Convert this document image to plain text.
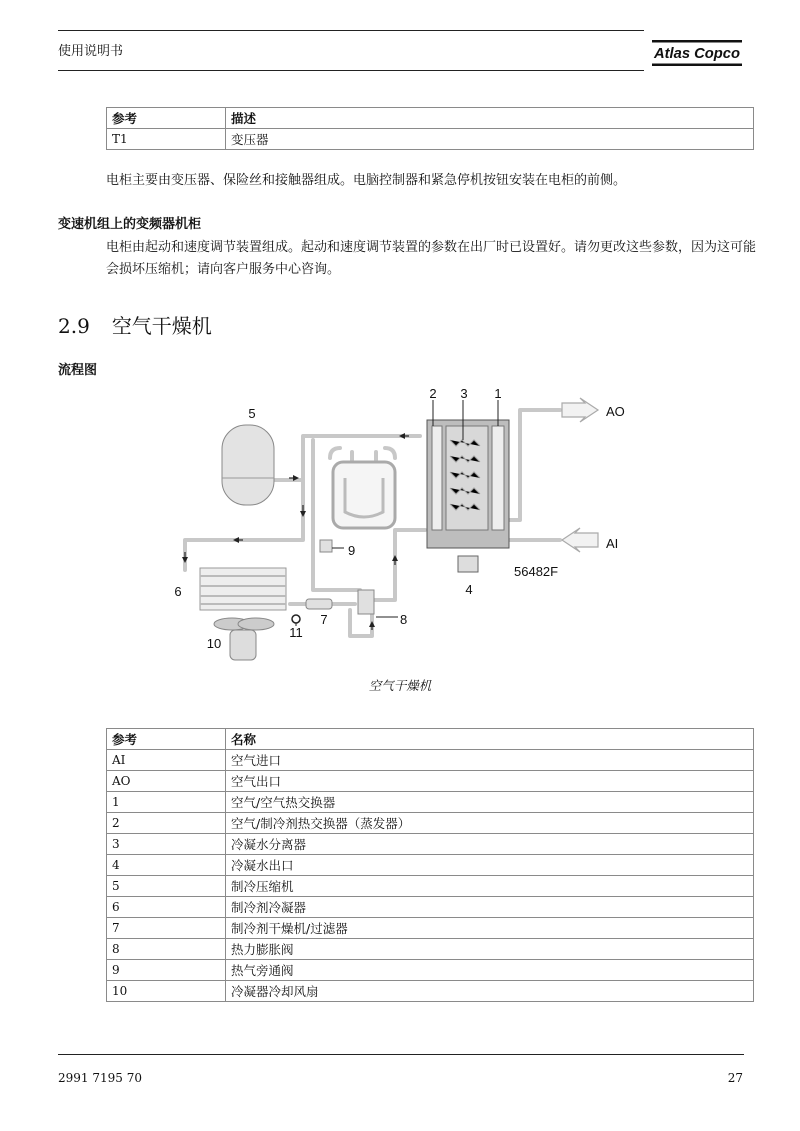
使用说明书	Atlas Copco
参考	描述
T1	变压器
电柜主要由变压器、保险丝和接触器组成。电脑控制器和紧急停机按钮安装在电柜的前侧。
变速机组上的变频器机柜
电柜由起动和速度调节装置组成。起动和速度调节装置的参数在出厂时已设置好。请勿更改这些参数，因为这可能会损坏压缩机；请向客户服务中心咨询。
2.9 空气干燥机
流程图
5
2 3 1
AO
AI
9
56482F
4
6
7	8
11
10
空气干燥机
参考	名称
AI	空气进口
AO	空气出口
1	空气/空气热交换器
2	空气/制冷剂热交换器（蒸发器）
3	冷凝水分离器
4	冷凝水出口
5	制冷压缩机
6	制冷剂冷凝器
7	制冷剂干燥机/过滤器
8	热力膨胀阀
9	热气旁通阀
10	冷凝器冷却风扇
2991 7195 70	27
